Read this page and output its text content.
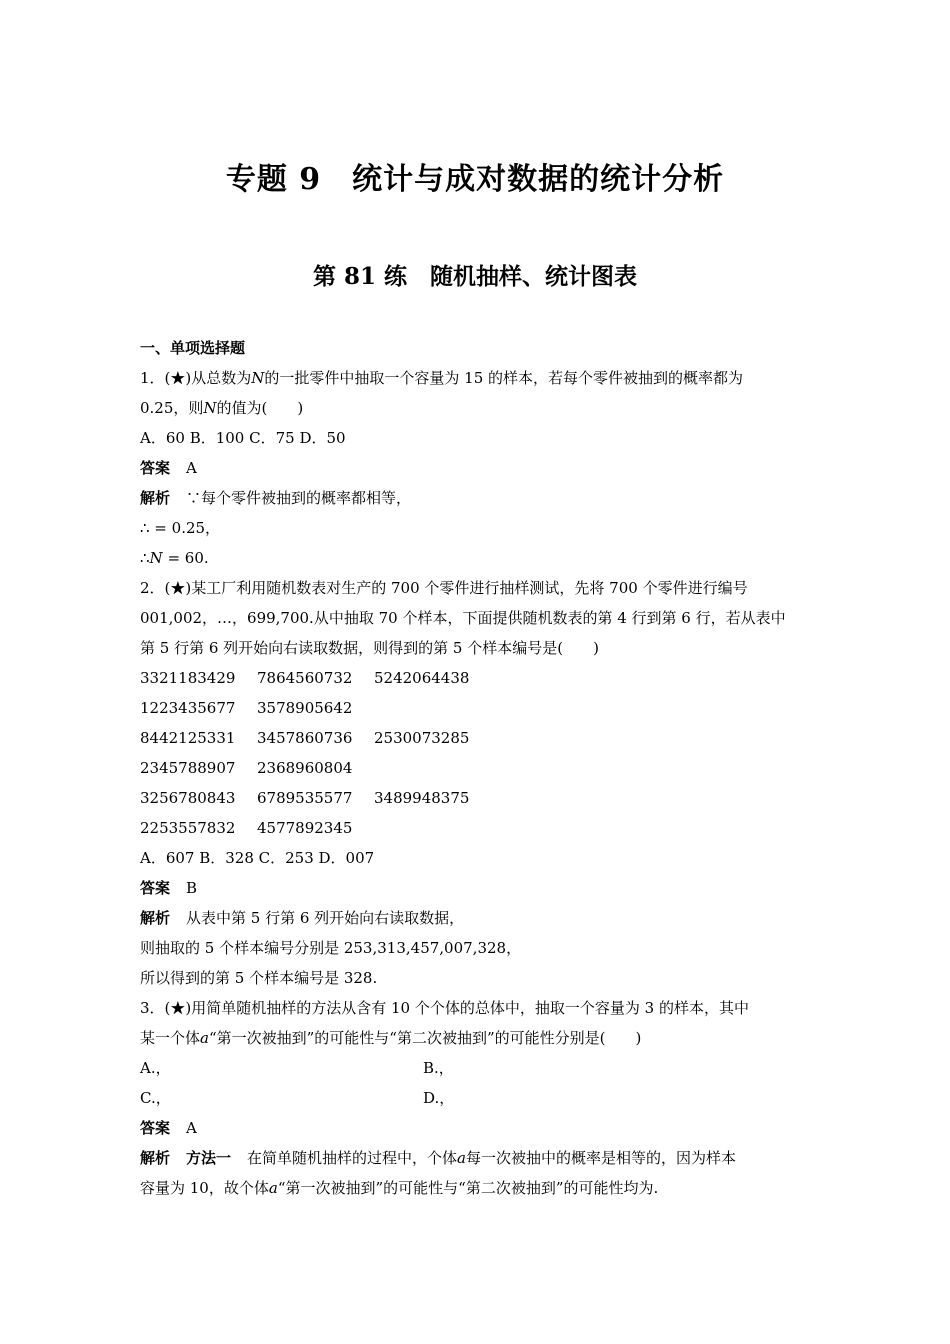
专题 9　统计与成对数据的统计分析
第 81 练　随机抽样、统计图表
一、单项选择题
1．(★)从总数为N的一批零件中抽取一个容量为 15 的样本，若每个零件被抽到的概率都为
0.25，则N的值为(　　)
A．60 B．100 C．75 D．50
答案 A
解析 ∵每个零件被抽到的概率都相等，
∴ = 0.25，
∴N = 60.
2．(★)某工厂利用随机数表对生产的 700 个零件进行抽样测试，先将 700 个零件进行编号
001,002，…，699,700.从中抽取 70 个样本，下面提供随机数表的第 4 行到第 6 行，若从表中
第 5 行第 6 列开始向右读取数据，则得到的第 5 个样本编号是(　　)
3321183429 7864560732 5242064438
1223435677 3578905642
8442125331 3457860736 2530073285
2345788907 2368960804
3256780843 6789535577 3489948375
2253557832 4577892345
A．607 B．328 C．253 D．007
答案 B
解析 从表中第 5 行第 6 列开始向右读取数据，
则抽取的 5 个样本编号分别是 253,313,457,007,328，
所以得到的第 5 个样本编号是 328.
3．(★)用简单随机抽样的方法从含有 10 个个体的总体中，抽取一个容量为 3 的样本，其中
某一个体a“第一次被抽到”的可能性与“第二次被抽到”的可能性分别是(　　)
A.，	B.，
C.，	D.，
答案 A
解析 方法一 在简单随机抽样的过程中，个体a每一次被抽中的概率是相等的，因为样本
容量为 10，故个体a“第一次被抽到”的可能性与“第二次被抽到”的可能性均为.
